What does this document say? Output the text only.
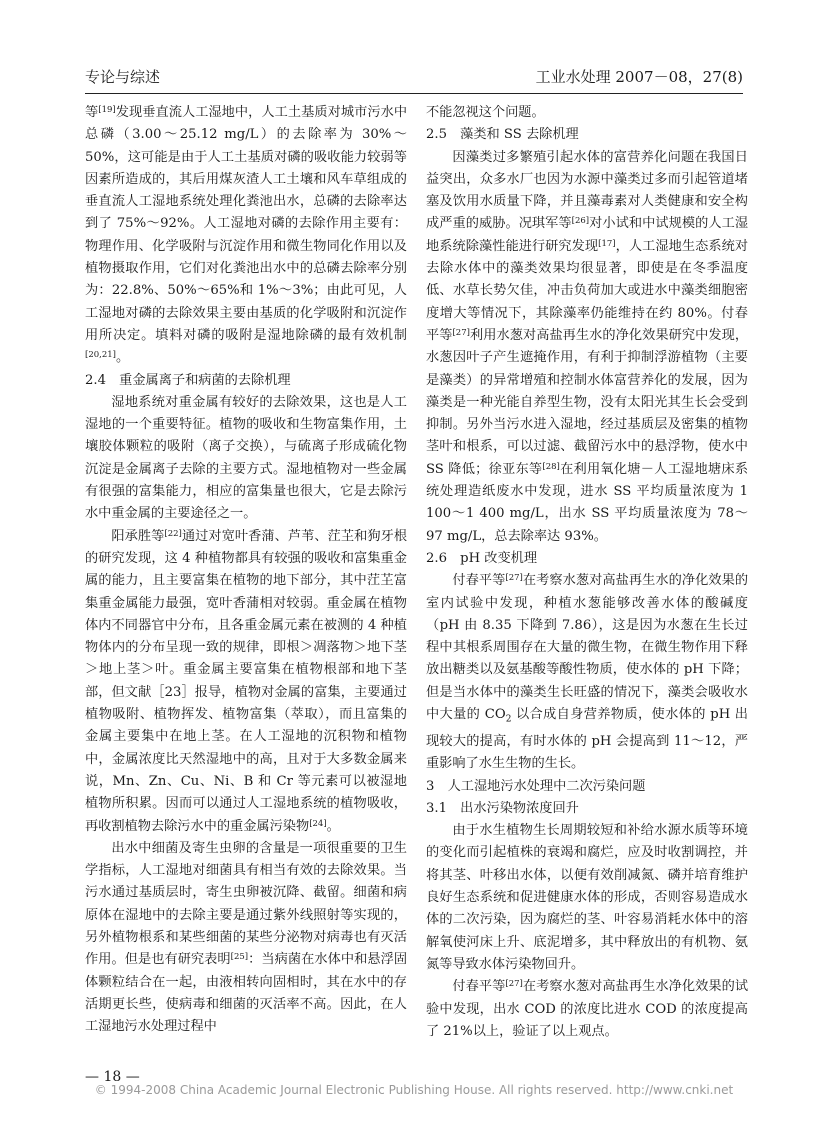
专论与综述	工业水处理 2007－08，27(8)

等[19]发现垂直流人工湿地中，人工土基质对城市污水中总磷（3.00～25.12 mg/L）的去除率为 30%～50%，这可能是由于人工土基质对磷的吸收能力较弱等因素所造成的，其后用煤灰渣人工土壤和风车草组成的垂直流人工湿地系统处理化粪池出水，总磷的去除率达到了 75%～92%。人工湿地对磷的去除作用主要有：物理作用、化学吸附与沉淀作用和微生物同化作用以及植物摄取作用，它们对化粪池出水中的总磷去除率分别为：22.8%、50%～65%和 1%～3%；由此可见，人工湿地对磷的去除效果主要由基质的化学吸附和沉淀作用所决定。填料对磷的吸附是湿地除磷的最有效机制[20,21]。

2.4　重金属离子和病菌的去除机理

湿地系统对重金属有较好的去除效果，这也是人工湿地的一个重要特征。植物的吸收和生物富集作用，土壤胶体颗粒的吸附（离子交换），与硫离子形成硫化物沉淀是金属离子去除的主要方式。湿地植物对一些金属有很强的富集能力，相应的富集量也很大，它是去除污水中重金属的主要途径之一。

阳承胜等[22]通过对宽叶香蒲、芦苇、茳芏和狗牙根的研究发现，这 4 种植物都具有较强的吸收和富集重金属的能力，且主要富集在植物的地下部分，其中茳芏富集重金属能力最强，宽叶香蒲相对较弱。重金属在植物体内不同器官中分布，且各重金属元素在被测的 4 种植物体内的分布呈现一致的规律，即根＞凋落物＞地下茎＞地上茎＞叶。重金属主要富集在植物根部和地下茎部，但文献［23］报导，植物对金属的富集，主要通过植物吸附、植物挥发、植物富集（萃取），而且富集的金属主要集中在地上茎。在人工湿地的沉积物和植物中，金属浓度比天然湿地中的高，且对于大多数金属来说，Mn、Zn、Cu、Ni、B 和 Cr 等元素可以被湿地植物所积累。因而可以通过人工湿地系统的植物吸收，再收割植物去除污水中的重金属污染物[24]。

出水中细菌及寄生虫卵的含量是一项很重要的卫生学指标，人工湿地对细菌具有相当有效的去除效果。当污水通过基质层时，寄生虫卵被沉降、截留。细菌和病原体在湿地中的去除主要是通过紫外线照射等实现的，另外植物根系和某些细菌的某些分泌物对病毒也有灭活作用。但是也有研究表明[25]：当病菌在水体中和悬浮固体颗粒结合在一起，由液相转向固相时，其在水中的存活期更长些，使病毒和细菌的灭活率不高。因此，在人工湿地污水处理过程中

不能忽视这个问题。

2.5　藻类和 SS 去除机理

因藻类过多繁殖引起水体的富营养化问题在我国日益突出，众多水厂也因为水源中藻类过多而引起管道堵塞及饮用水质量下降，并且藻毒素对人类健康和安全构成严重的威胁。况琪军等[26]对小试和中试规模的人工湿地系统除藻性能进行研究发现[17]，人工湿地生态系统对去除水体中的藻类效果均很显著，即使是在冬季温度低、水草长势欠佳，冲击负荷加大或进水中藻类细胞密度增大等情况下，其除藻率仍能维持在约 80%。付春平等[27]利用水葱对高盐再生水的净化效果研究中发现，水葱因叶子产生遮掩作用，有利于抑制浮游植物（主要是藻类）的异常增殖和控制水体富营养化的发展，因为藻类是一种光能自养型生物，没有太阳光其生长会受到抑制。另外当污水进入湿地，经过基质层及密集的植物茎叶和根系，可以过滤、截留污水中的悬浮物，使水中 SS 降低；徐亚东等[28]在利用氧化塘－人工湿地塘床系统处理造纸废水中发现，进水 SS 平均质量浓度为 1 100～1 400 mg/L，出水 SS 平均质量浓度为 78～97 mg/L，总去除率达 93%。

2.6　pH 改变机理

付春平等[27]在考察水葱对高盐再生水的净化效果的室内试验中发现，种植水葱能够改善水体的酸碱度（pH 由 8.35 下降到 7.86），这是因为水葱在生长过程中其根系周围存在大量的微生物，在微生物作用下释放出糖类以及氨基酸等酸性物质，使水体的 pH 下降；但是当水体中的藻类生长旺盛的情况下，藻类会吸收水中大量的 $CO_2$ 以合成自身营养物质，使水体的 pH 出现较大的提高，有时水体的 pH 会提高到 11～12，严重影响了水生生物的生长。

3　人工湿地污水处理中二次污染问题
3.1　出水污染物浓度回升

由于水生植物生长周期较短和补给水源水质等环境的变化而引起植株的衰竭和腐烂，应及时收割调控，并将其茎、叶移出水体，以便有效削减氮、磷并培育维护良好生态系统和促进健康水体的形成，否则容易造成水体的二次污染，因为腐烂的茎、叶容易消耗水体中的溶解氧使河床上升、底泥增多，其中释放出的有机物、氨氮等导致水体污染物回升。

付春平等[27]在考察水葱对高盐再生水净化效果的试验中发现，出水 COD 的浓度比进水 COD 的浓度提高了 21%以上，验证了以上观点。

— 18 —
© 1994-2008 China Academic Journal Electronic Publishing House. All rights reserved. http://www.cnki.net
